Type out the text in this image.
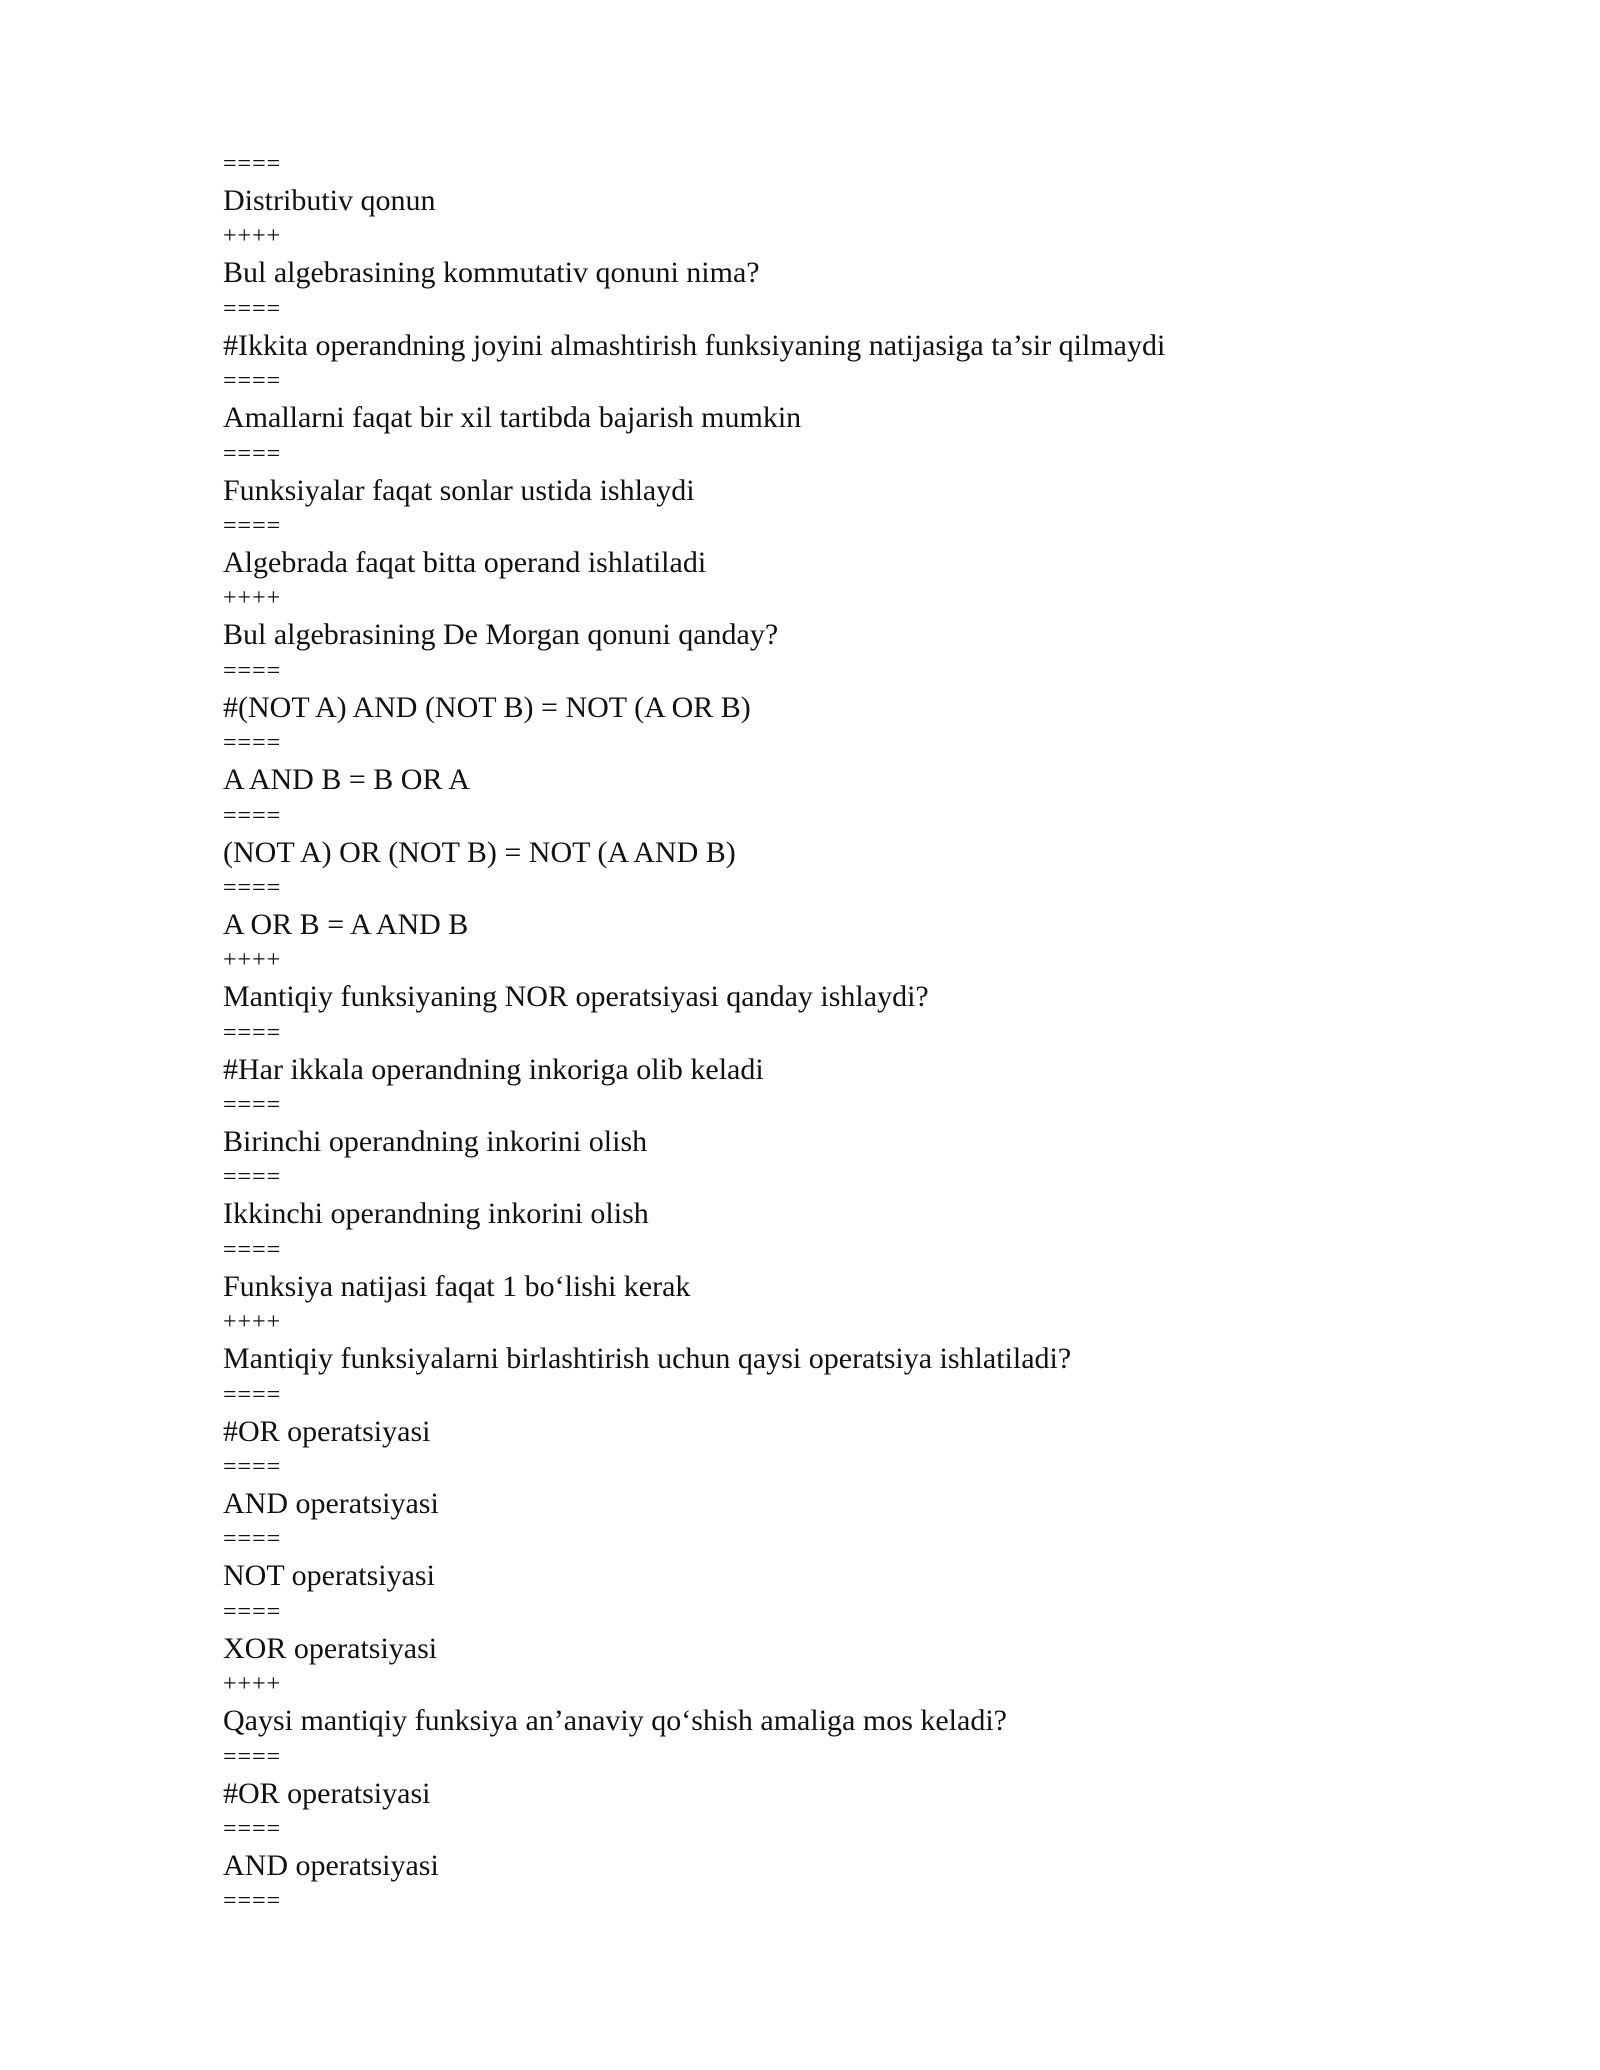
====
Distributiv qonun
++++
Bul algebrasining kommutativ qonuni nima?
====
#Ikkita operandning joyini almashtirish funksiyaning natijasiga ta’sir qilmaydi
====
Amallarni faqat bir xil tartibda bajarish mumkin
====
Funksiyalar faqat sonlar ustida ishlaydi
====
Algebrada faqat bitta operand ishlatiladi
++++
Bul algebrasining De Morgan qonuni qanday?
====
#(NOT A) AND (NOT B) = NOT (A OR B)
====
A AND B = B OR A
====
(NOT A) OR (NOT B) = NOT (A AND B)
====
A OR B = A AND B
++++
Mantiqiy funksiyaning NOR operatsiyasi qanday ishlaydi?
====
#Har ikkala operandning inkoriga olib keladi
====
Birinchi operandning inkorini olish
====
Ikkinchi operandning inkorini olish
====
Funksiya natijasi faqat 1 bo‘lishi kerak
++++
Mantiqiy funksiyalarni birlashtirish uchun qaysi operatsiya ishlatiladi?
====
#OR operatsiyasi
====
AND operatsiyasi
====
NOT operatsiyasi
====
XOR operatsiyasi
++++
Qaysi mantiqiy funksiya an’anaviy qo‘shish amaliga mos keladi?
====
#OR operatsiyasi
====
AND operatsiyasi
====
